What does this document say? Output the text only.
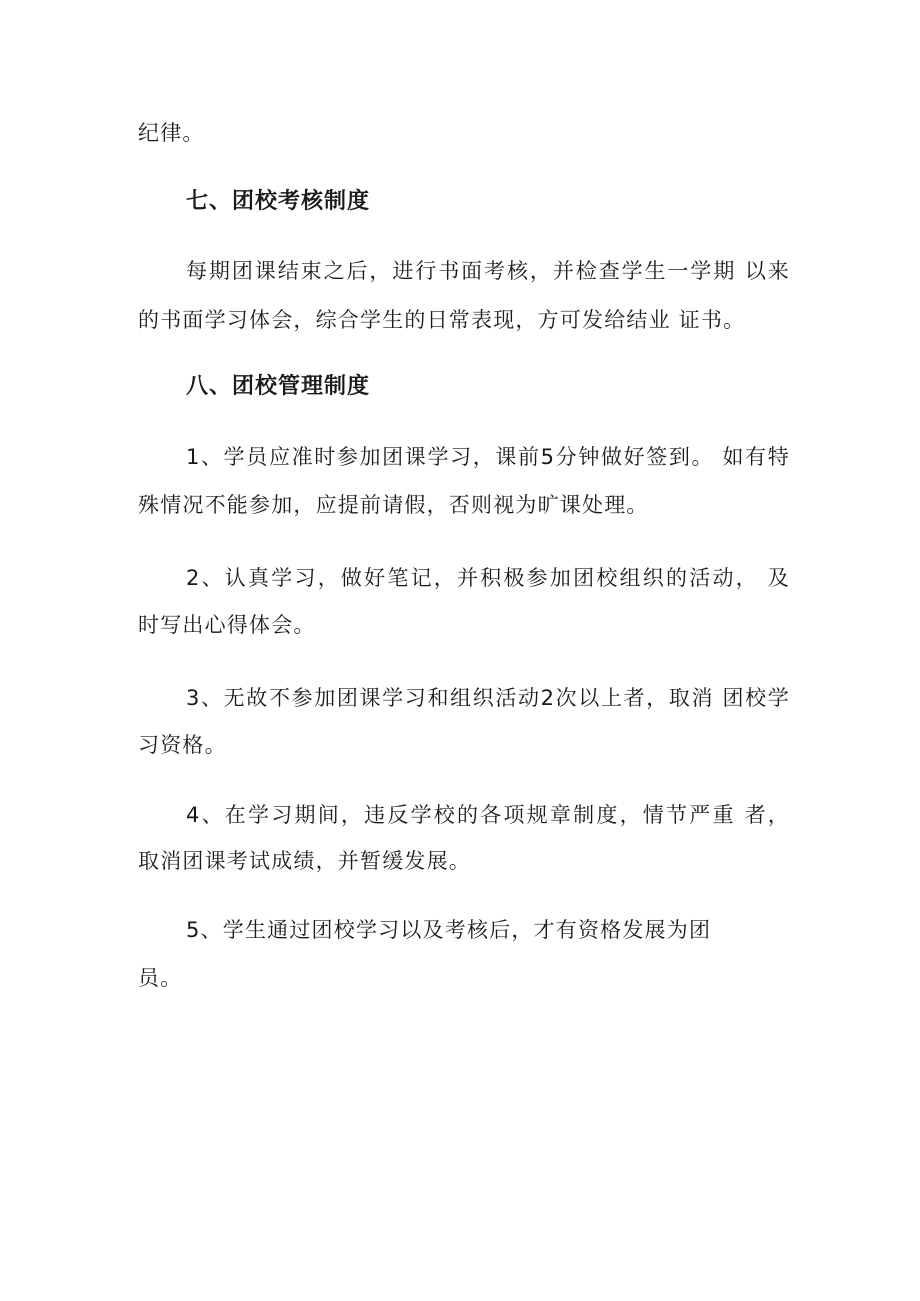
纪律。
七、团校考核制度
每期团课结束之后，进行书面考核，并检查学生一学期 以来
的书面学习体会，综合学生的日常表现，方可发给结业 证书。
八、团校管理制度
1、学员应准时参加团课学习，课前5分钟做好签到。 如有特
殊情况不能参加，应提前请假，否则视为旷课处理。
2、认真学习，做好笔记，并积极参加团校组织的活动， 及
时写出心得体会。
3、无故不参加团课学习和组织活动2次以上者，取消 团校学
习资格。
4、在学习期间，违反学校的各项规章制度，情节严重 者，
取消团课考试成绩，并暂缓发展。
5、学生通过团校学习以及考核后，才有资格发展为团
员。
